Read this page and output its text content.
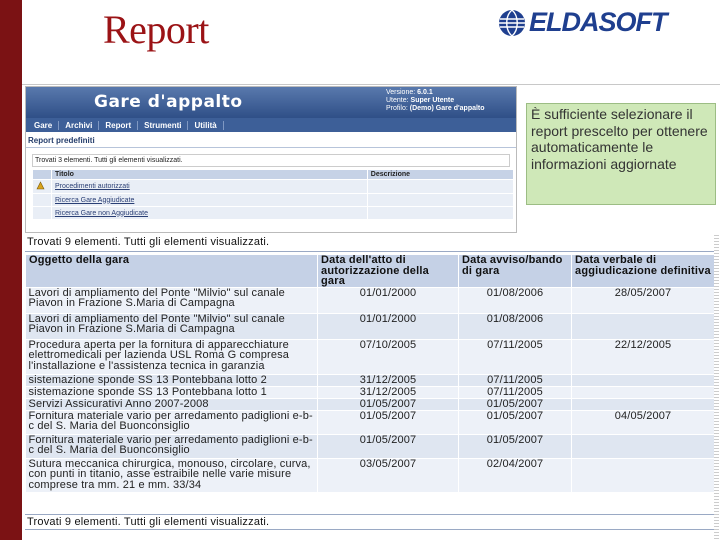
Report	ELDASOFT
Gare d'appalto	Versione: 6.0.1
Utente: Super Utente
Profilo: (Demo) Gare d'appalto
Gare	Archivi	Report	Strumenti	Utilità
Report predefiniti
Trovati 3 elementi. Tutti gli elementi visualizzati.
	Titolo	Descrizione
	Procedimenti autorizzati	
	Ricerca Gare Aggiudicate	
	Ricerca Gare non Aggiudicate	
È sufficiente selezionare il report prescelto per ottenere automaticamente le informazioni aggiornate
Trovati 9 elementi. Tutti gli elementi visualizzati.
Oggetto della gara	Data dell'atto di autorizzazione della gara	Data avviso/bando di gara	Data verbale di aggiudicazione definitiva
Lavori di ampliamento del Ponte "Milvio" sul canale Piavon in Frazione S.Maria di Campagna	01/01/2000	01/08/2006	28/05/2007
Lavori di ampliamento del Ponte "Milvio" sul canale Piavon in Frazione S.Maria di Campagna	01/01/2000	01/08/2006	
Procedura aperta per la fornitura di apparecchiature elettromedicali per lazienda USL Roma G compresa l'installazione e l'assistenza tecnica in garanzia	07/10/2005	07/11/2005	22/12/2005
sistemazione sponde SS 13 Pontebbana lotto 2	31/12/2005	07/11/2005	
sistemazione sponde SS 13 Pontebbana lotto 1	31/12/2005	07/11/2005	
Servizi Assicurativi Anno 2007-2008	01/05/2007	01/05/2007	
Fornitura materiale vario per arredamento padiglioni e-b-c del S. Maria del Buonconsiglio	01/05/2007	01/05/2007	04/05/2007
Fornitura materiale vario per arredamento padiglioni e-b-c del S. Maria del Buonconsiglio	01/05/2007	01/05/2007	
Sutura meccanica chirurgica, monouso, circolare, curva, con punti in titanio, asse estraibile nelle varie misure comprese tra mm. 21 e mm. 33/34	03/05/2007	02/04/2007	
Trovati 9 elementi. Tutti gli elementi visualizzati.
